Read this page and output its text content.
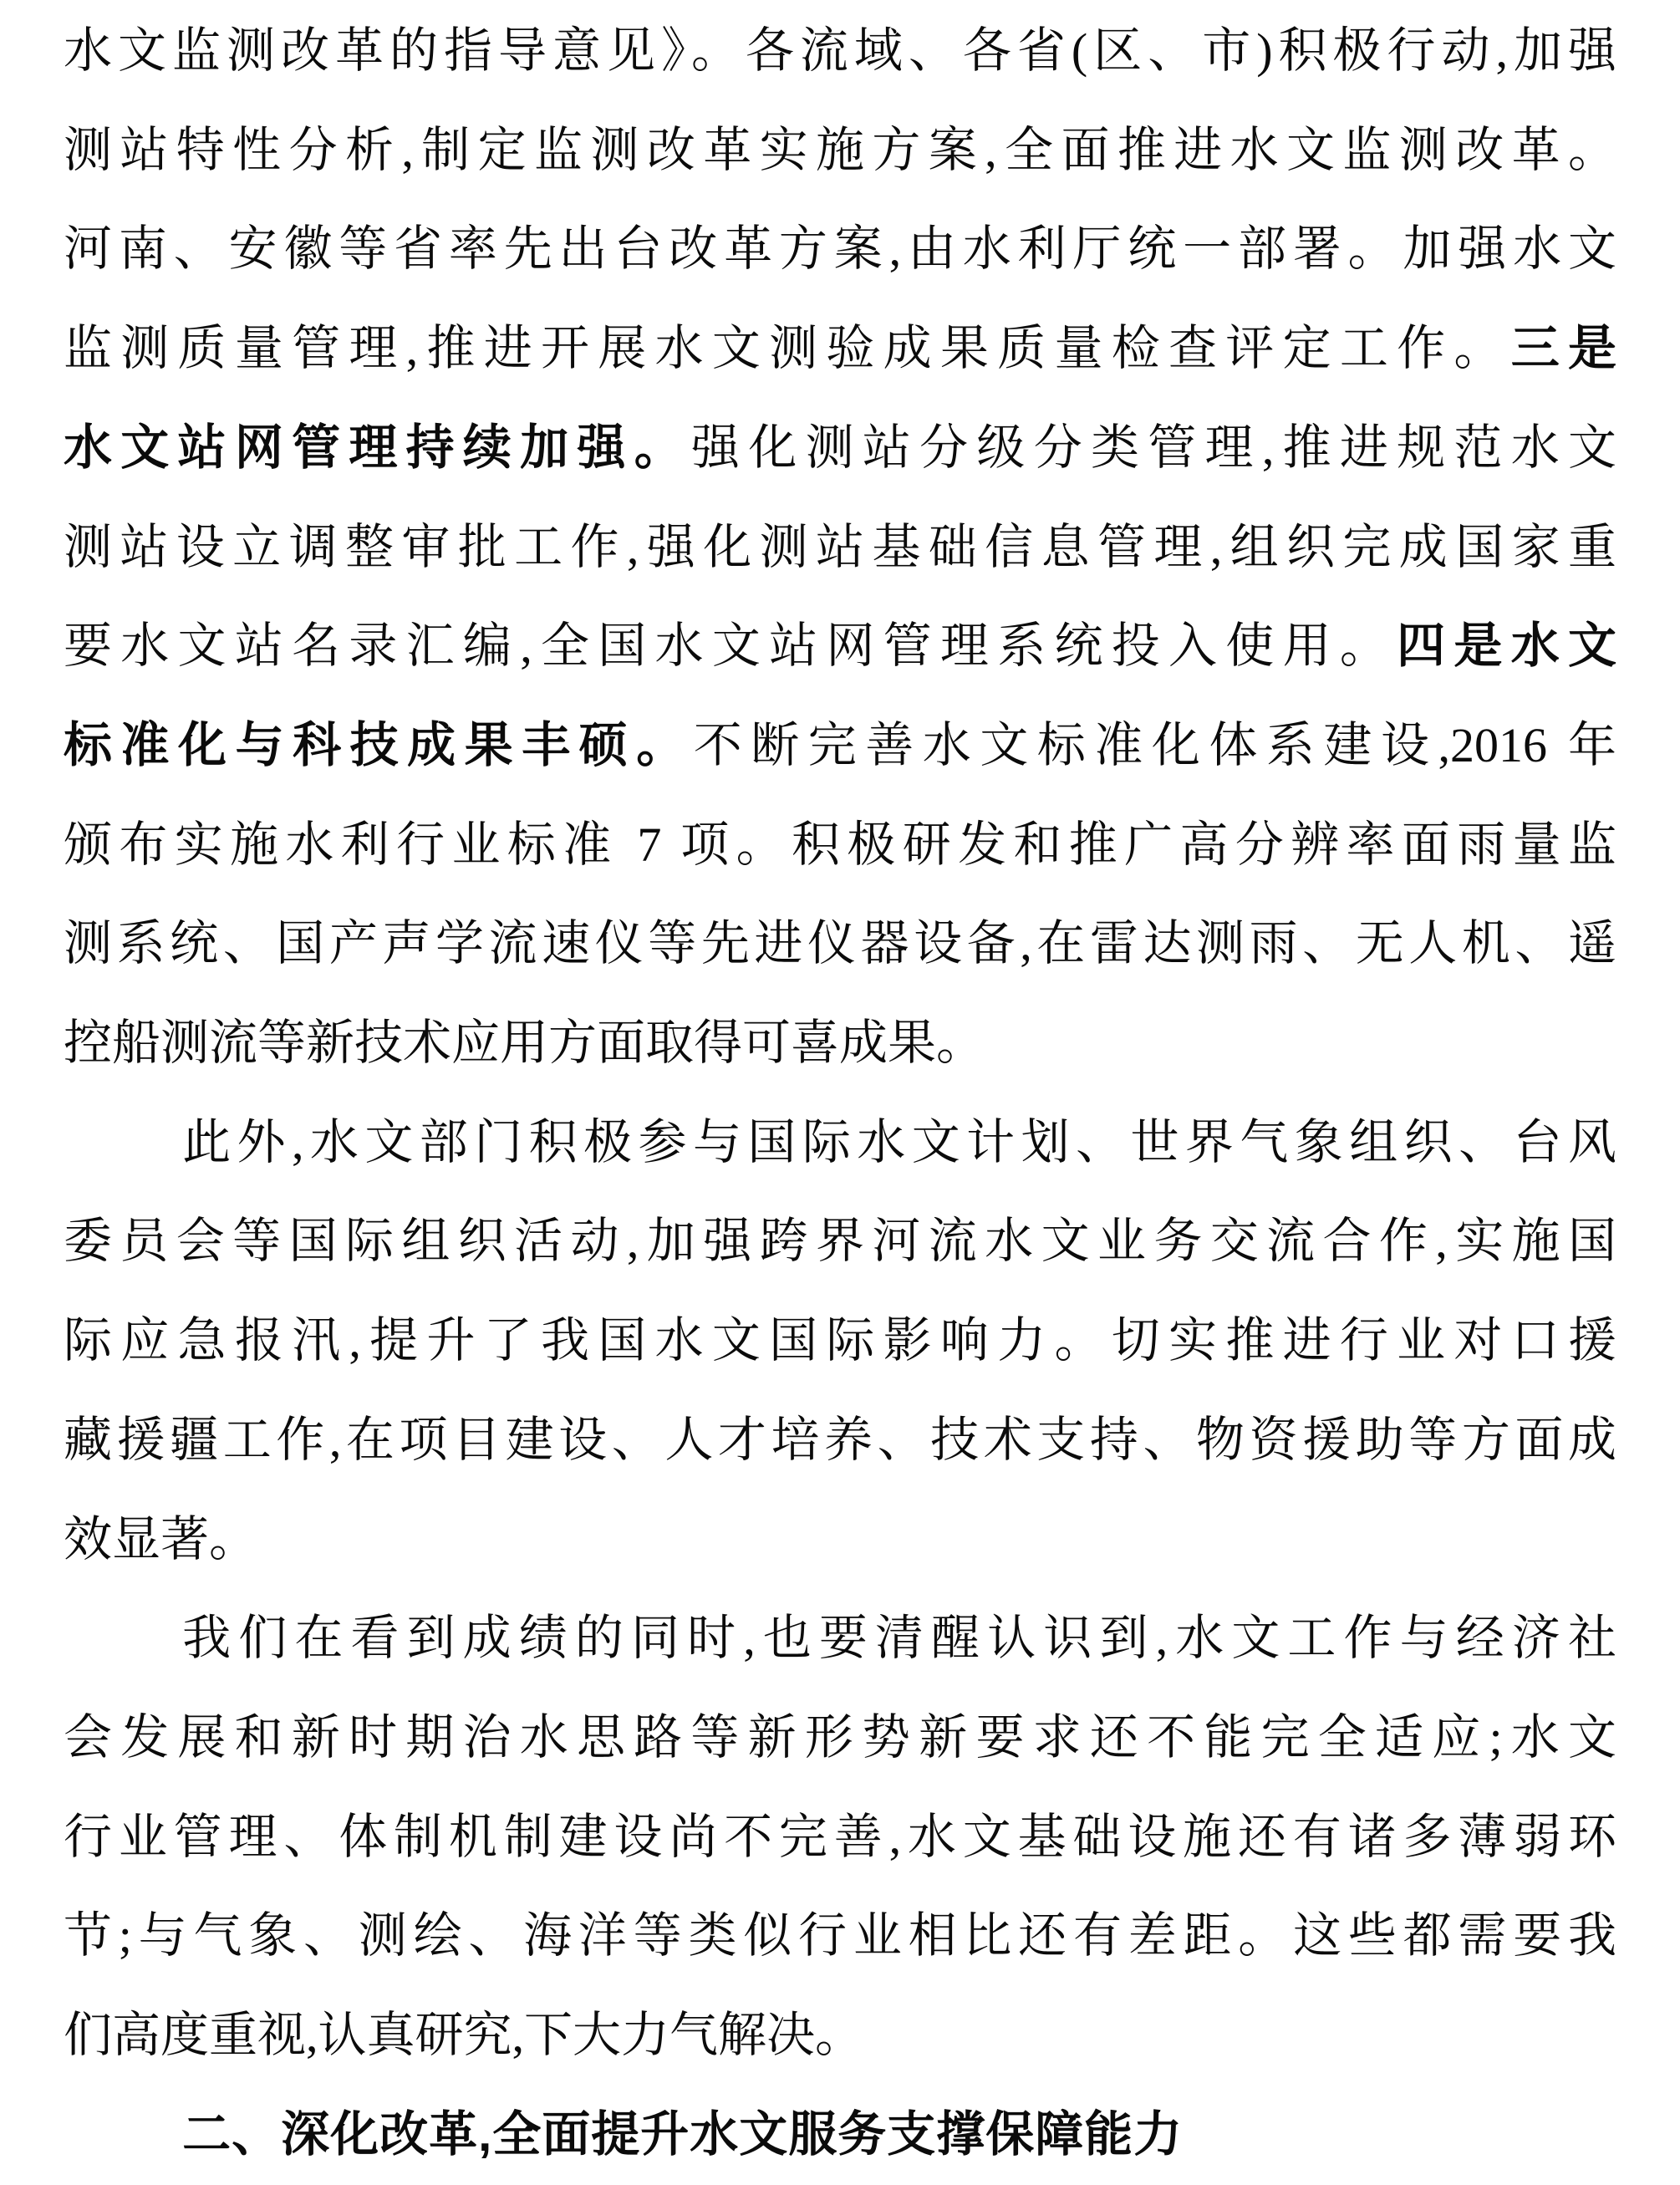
水文监测改革的指导意见》。各流域、各省(区、市)积极行动,加强
测站特性分析,制定监测改革实施方案,全面推进水文监测改革。
河南、安徽等省率先出台改革方案,由水利厅统一部署。加强水文
监测质量管理,推进开展水文测验成果质量检查评定工作。三是
水文站网管理持续加强。强化测站分级分类管理,推进规范水文
测站设立调整审批工作,强化测站基础信息管理,组织完成国家重
要水文站名录汇编,全国水文站网管理系统投入使用。四是水文
标准化与科技成果丰硕。不断完善水文标准化体系建设,2016 年
颁布实施水利行业标准 7 项。积极研发和推广高分辨率面雨量监
测系统、国产声学流速仪等先进仪器设备,在雷达测雨、无人机、遥
控船测流等新技术应用方面取得可喜成果。
此外,水文部门积极参与国际水文计划、世界气象组织、台风
委员会等国际组织活动,加强跨界河流水文业务交流合作,实施国
际应急报汛,提升了我国水文国际影响力。切实推进行业对口援
藏援疆工作,在项目建设、人才培养、技术支持、物资援助等方面成
效显著。
我们在看到成绩的同时,也要清醒认识到,水文工作与经济社
会发展和新时期治水思路等新形势新要求还不能完全适应;水文
行业管理、体制机制建设尚不完善,水文基础设施还有诸多薄弱环
节;与气象、测绘、海洋等类似行业相比还有差距。这些都需要我
们高度重视,认真研究,下大力气解决。
二、深化改革,全面提升水文服务支撑保障能力
